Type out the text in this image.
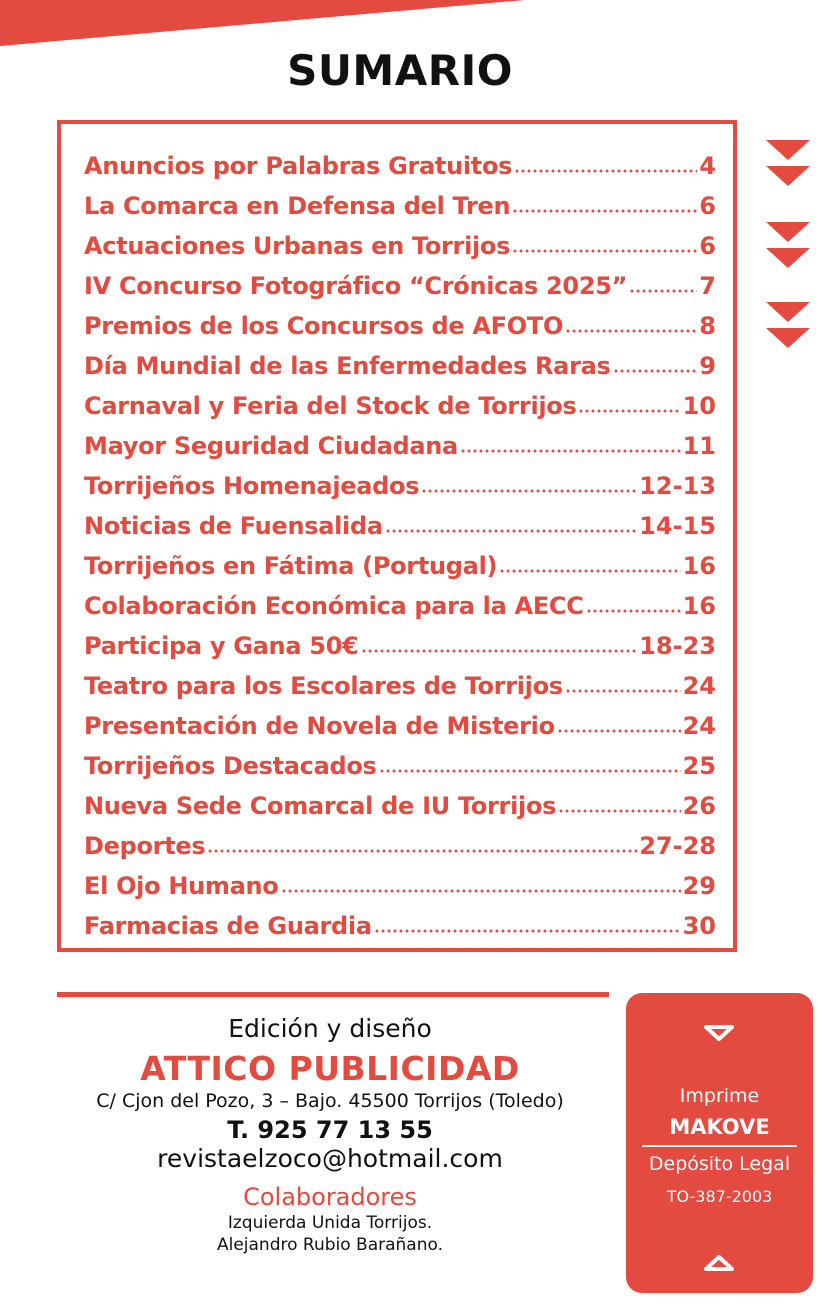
SUMARIO
Anuncios por Palabras Gratuitos	4
La Comarca en Defensa del Tren	6
Actuaciones Urbanas en Torrijos	6
IV Concurso Fotográfico “Crónicas 2025”	7
Premios de los Concursos de AFOTO	8
Día Mundial de las Enfermedades Raras	9
Carnaval y Feria del Stock de Torrijos	10
Mayor Seguridad Ciudadana	11
Torrijeños Homenajeados	12-13
Noticias de Fuensalida	14-15
Torrijeños en Fátima (Portugal)	16
Colaboración Económica para la AECC	16
Participa y Gana 50€	18-23
Teatro para los Escolares de Torrijos	24
Presentación de Novela de Misterio	24
Torrijeños Destacados	25
Nueva Sede Comarcal de IU Torrijos	26
Deportes	27-28
El Ojo Humano	29
Farmacias de Guardia	30
Edición y diseño
ATTICO PUBLICIDAD
C/ Cjon del Pozo, 3 – Bajo. 45500 Torrijos (Toledo)
T. 925 77 13 55
revistaelzoco@hotmail.com
Colaboradores
Izquierda Unida Torrijos.
Alejandro Rubio Barañano.
Imprime
MAKOVE
Depósito Legal
TO-387-2003
